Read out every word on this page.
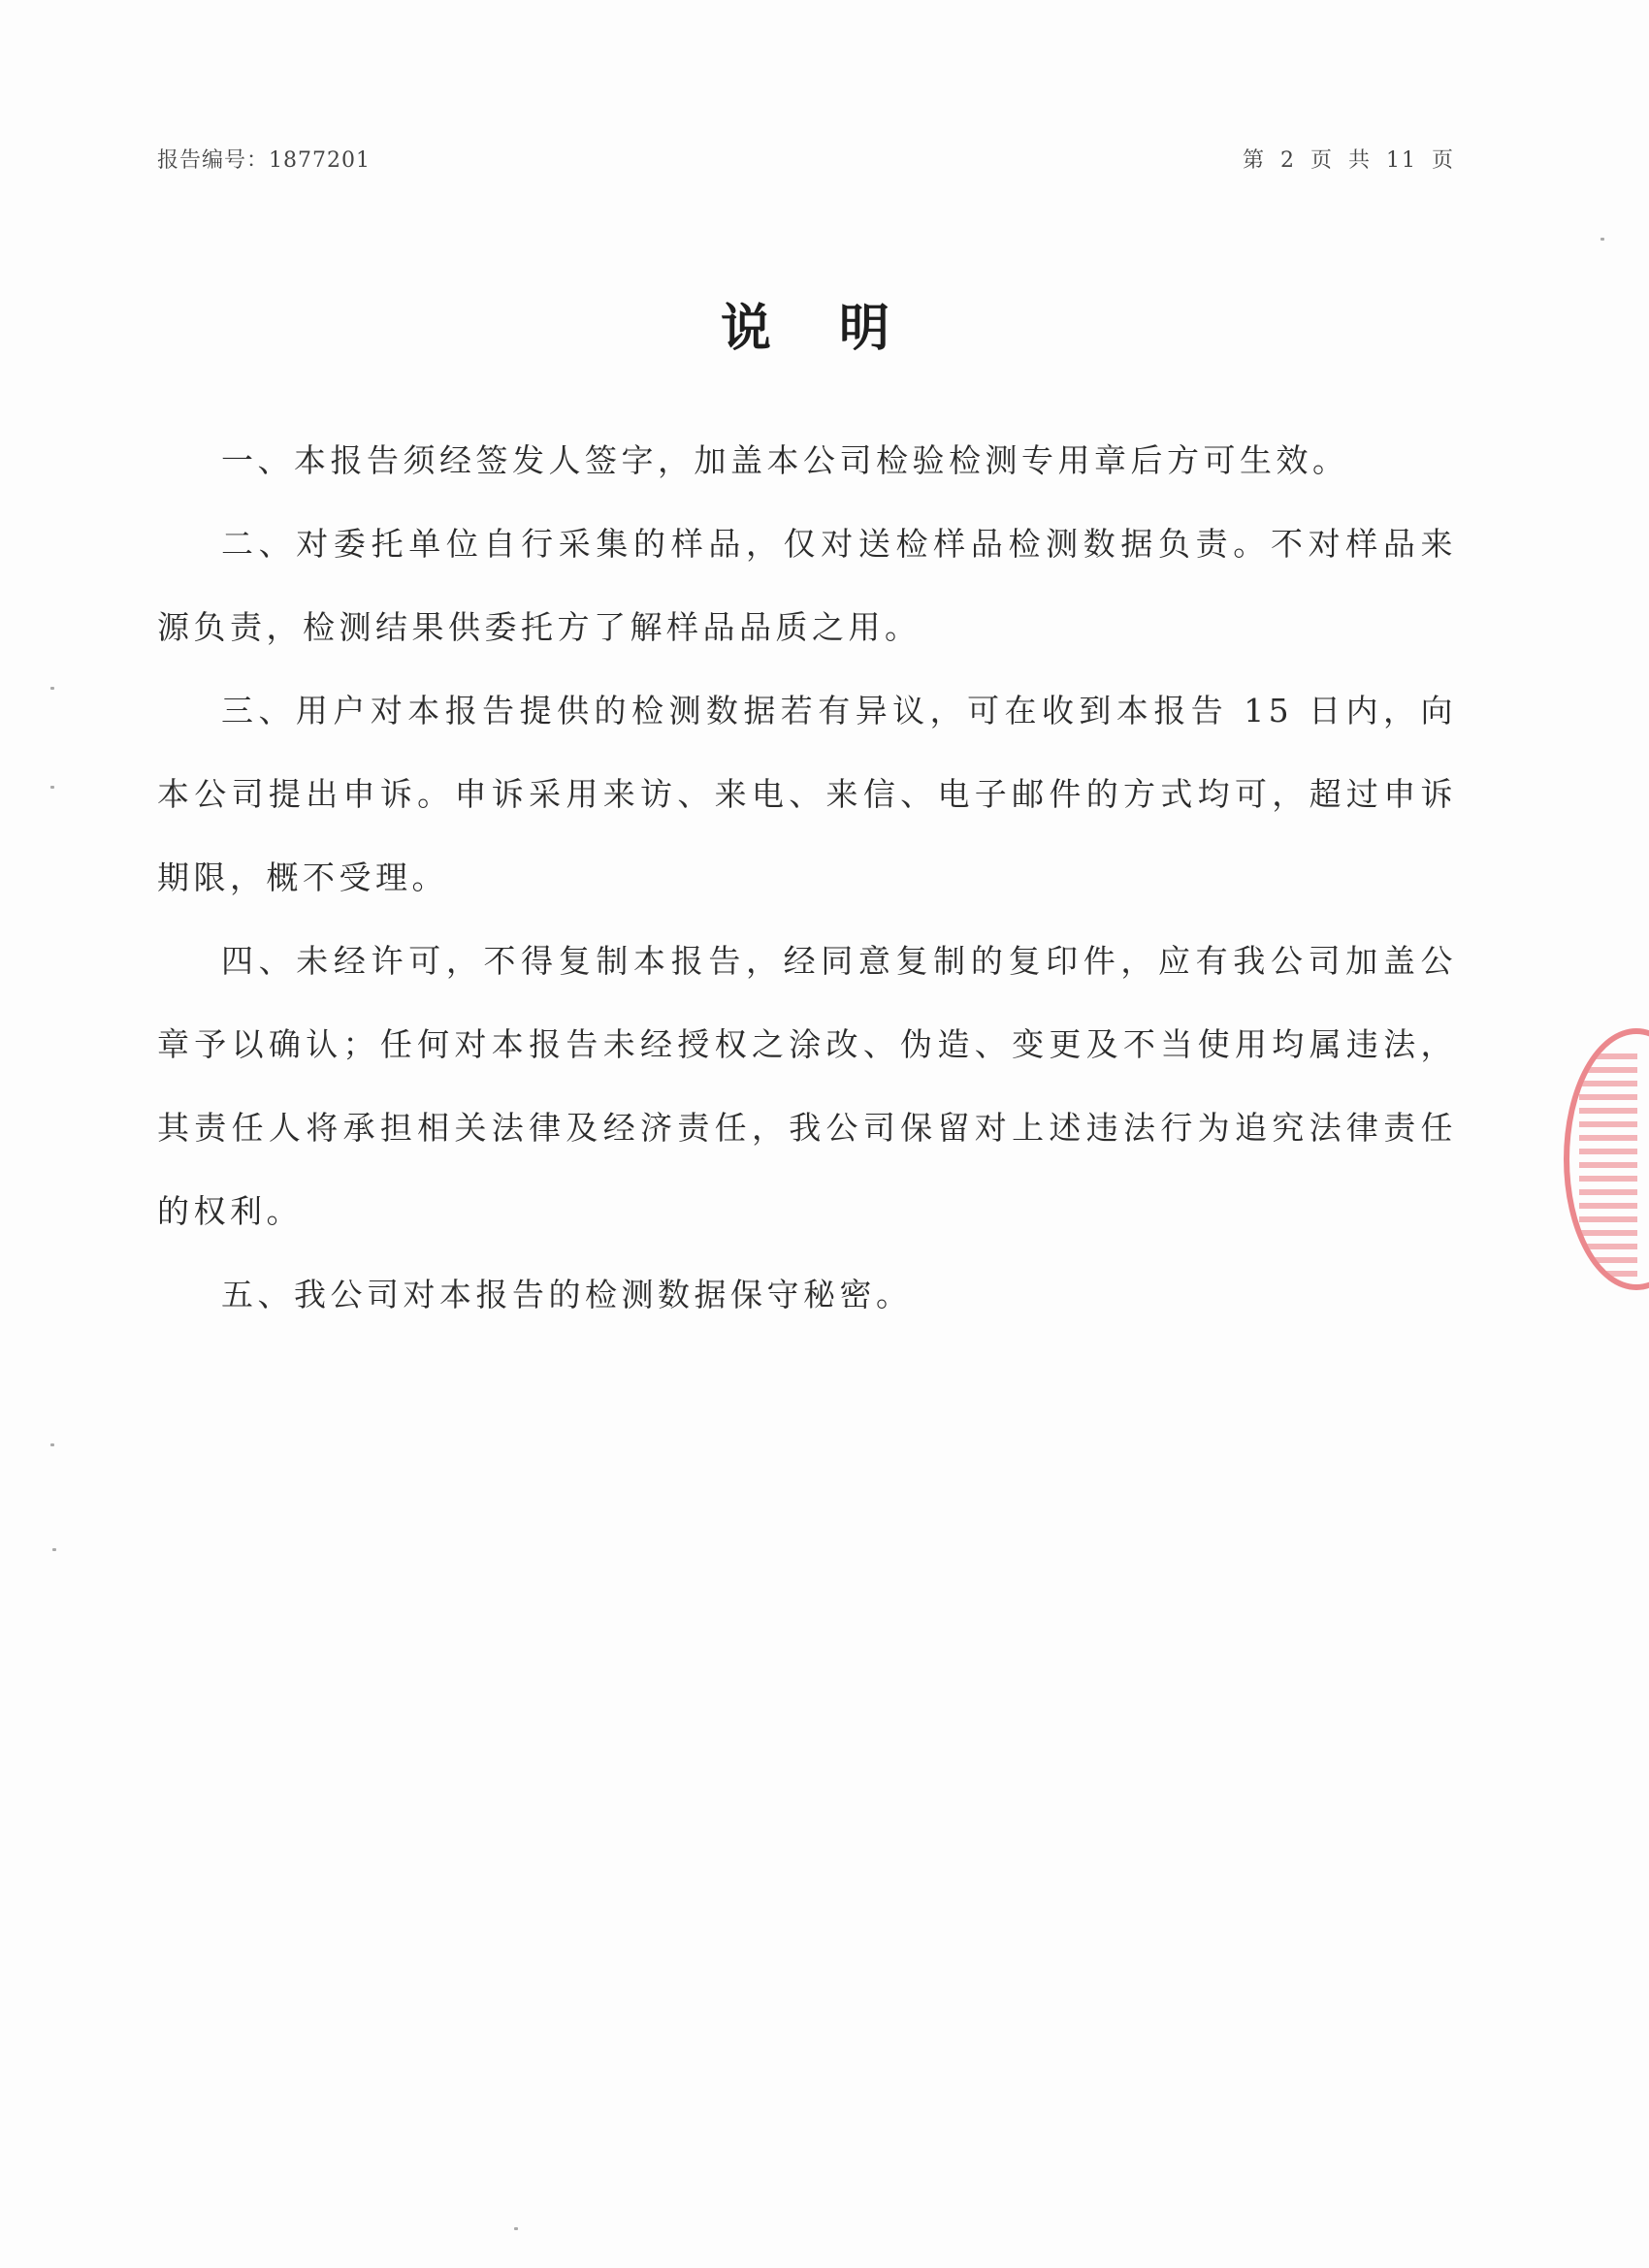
报告编号：1877201	第 2 页 共 11 页
说明

一、本报告须经签发人签字，加盖本公司检验检测专用章后方可生效。

二、对委托单位自行采集的样品，仅对送检样品检测数据负责。不对样品来源负责，检测结果供委托方了解样品品质之用。

三、用户对本报告提供的检测数据若有异议，可在收到本报告 15 日内，向本公司提出申诉。申诉采用来访、来电、来信、电子邮件的方式均可，超过申诉期限，概不受理。

四、未经许可，不得复制本报告，经同意复制的复印件，应有我公司加盖公章予以确认；任何对本报告未经授权之涂改、伪造、变更及不当使用均属违法，其责任人将承担相关法律及经济责任，我公司保留对上述违法行为追究法律责任的权利。

五、我公司对本报告的检测数据保守秘密。
